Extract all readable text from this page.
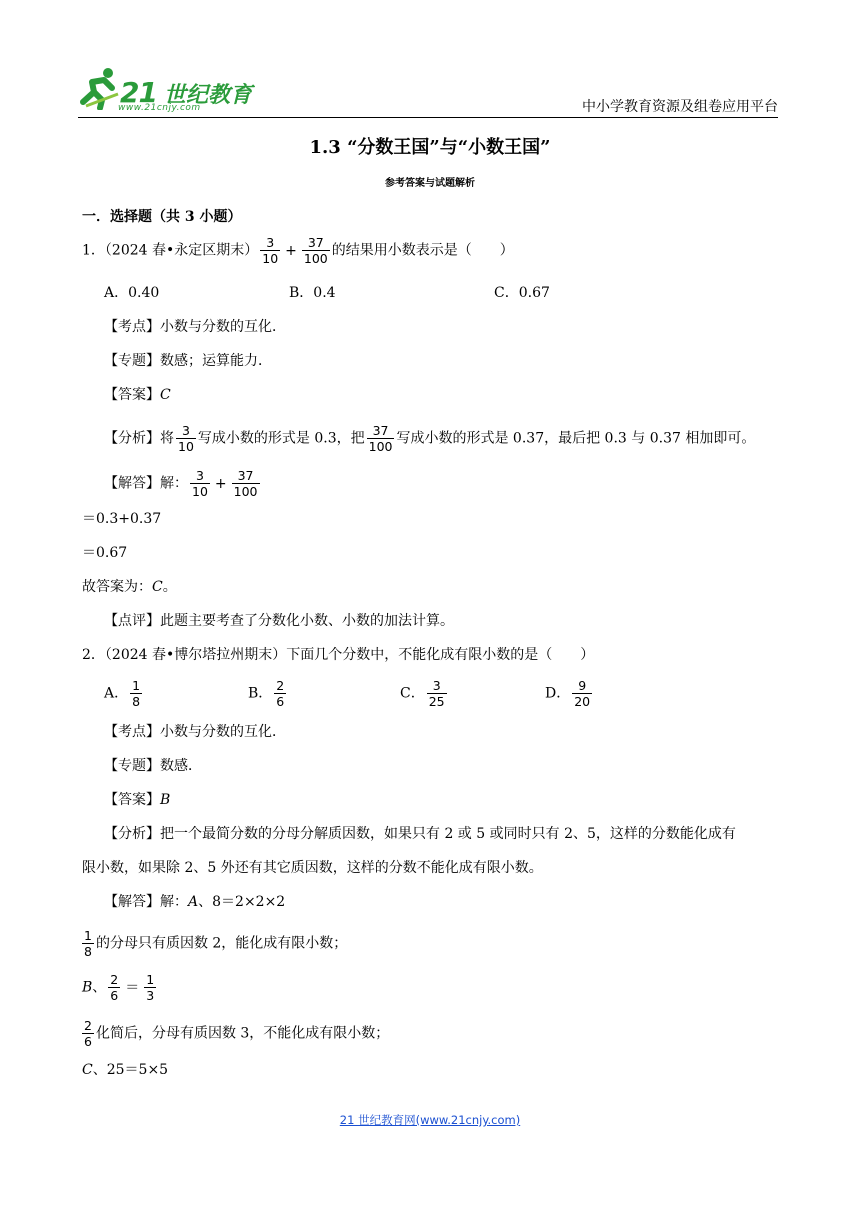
21 世纪教育
www.21cnjy.com	中小学教育资源及组卷应用平台
1.3 “分数王国”与“小数王国”
参考答案与试题解析
一．选择题（共 3 小题）
1．（2024 春•永定区期末） $\frac{3}{10} + \frac{37}{100}$ 的结果用小数表示是（　　）
A．0.40	B．0.4	C．0.67
【考点】小数与分数的互化．
【专题】数感；运算能力．
【答案】C
【分析】将 $\frac{3}{10}$ 写成小数的形式是 0.3，把 $\frac{37}{100}$ 写成小数的形式是 0.37，最后把 0.3 与 0.37 相加即可。
【解答】解： $\frac{3}{10} + \frac{37}{100}$
＝0.3+0.37
＝0.67
故答案为：C。
【点评】此题主要考查了分数化小数、小数的加法计算。
2．（2024 春•博尔塔拉州期末）下面几个分数中，不能化成有限小数的是（　　）
A． $\frac{1}{8}$	B． $\frac{2}{6}$	C． $\frac{3}{25}$	D． $\frac{9}{20}$
【考点】小数与分数的互化．
【专题】数感．
【答案】B
【分析】把一个最简分数的分母分解质因数，如果只有 2 或 5 或同时只有 2、5，这样的分数能化成有
限小数，如果除 2、5 外还有其它质因数，这样的分数不能化成有限小数。
【解答】解：A、8＝2×2×2
$\frac{1}{8}$ 的分母只有质因数 2，能化成有限小数；
B、 $\frac{2}{6} = \frac{1}{3}$
$\frac{2}{6}$ 化简后，分母有质因数 3，不能化成有限小数；
C、25＝5×5
21 世纪教育网(www.21cnjy.com)
